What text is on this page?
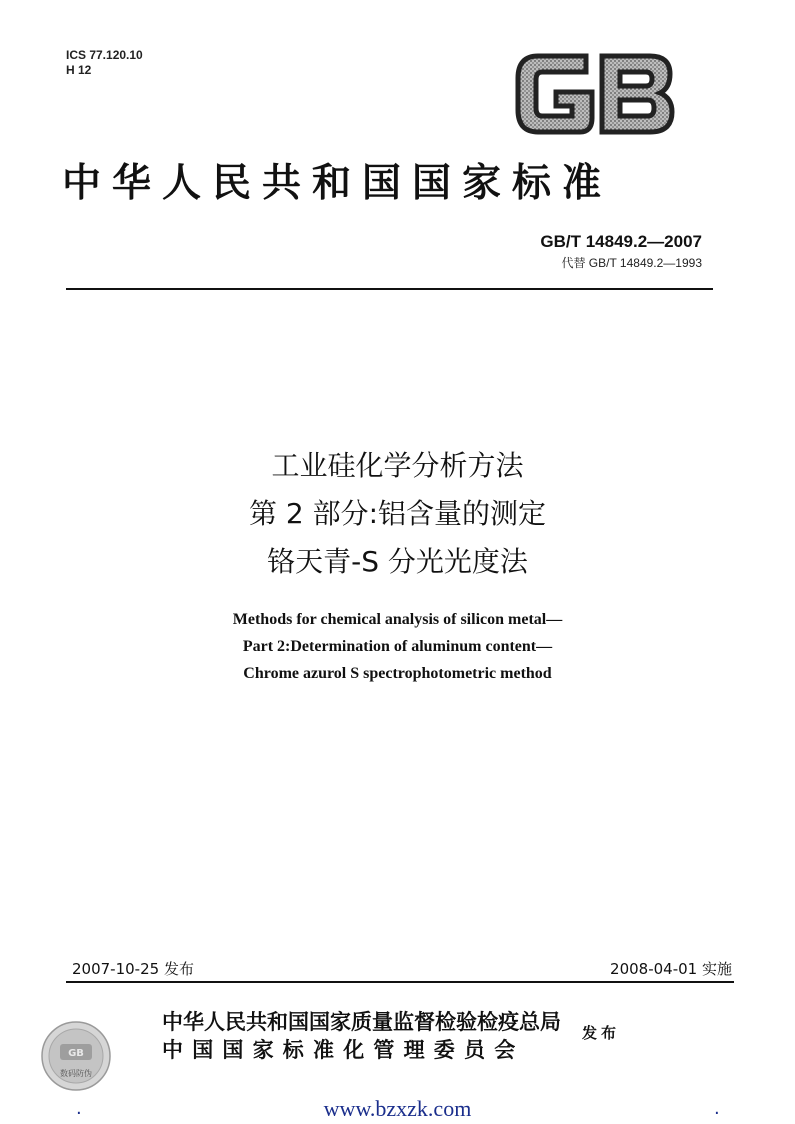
ICS 77.120.10
H 12
中华人民共和国国家标准
GB/T 14849.2—2007
代替 GB/T 14849.2—1993
工业硅化学分析方法
第 2 部分:铝含量的测定
铬天青-S 分光光度法
Methods for chemical analysis of silicon metal—
Part 2:Determination of aluminum content—
Chrome azurol S spectrophotometric method
2007-10-25 发布	2008-04-01 实施
GB
数码防伪
中华人民共和国国家质量监督检验检疫总局
中国国家标准化管理委员会
发布
.	www.bzxzk.com	.
